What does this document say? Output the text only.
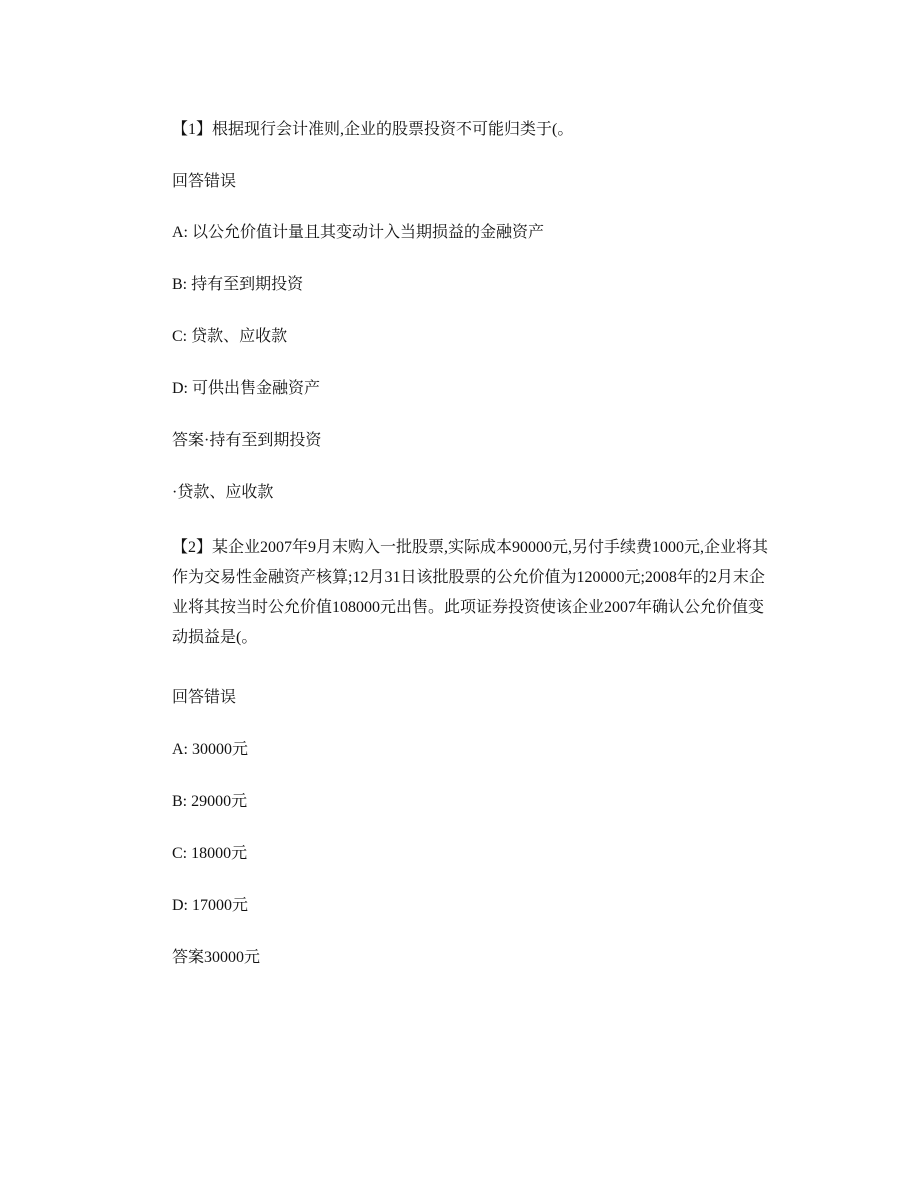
【1】根据现行会计准则,企业的股票投资不可能归类于(。

回答错误

A: 以公允价值计量且其变动计入当期损益的金融资产

B: 持有至到期投资

C: 贷款、应收款

D: 可供出售金融资产

答案·持有至到期投资

·贷款、应收款

【2】某企业2007年9月末购入一批股票,实际成本90000元,另付手续费1000元,企业将其作为交易性金融资产核算;12月31日该批股票的公允价值为120000元;2008年的2月末企业将其按当时公允价值108000元出售。此项证券投资使该企业2007年确认公允价值变动损益是(。

回答错误

A: 30000元

B: 29000元

C: 18000元

D: 17000元

答案30000元
